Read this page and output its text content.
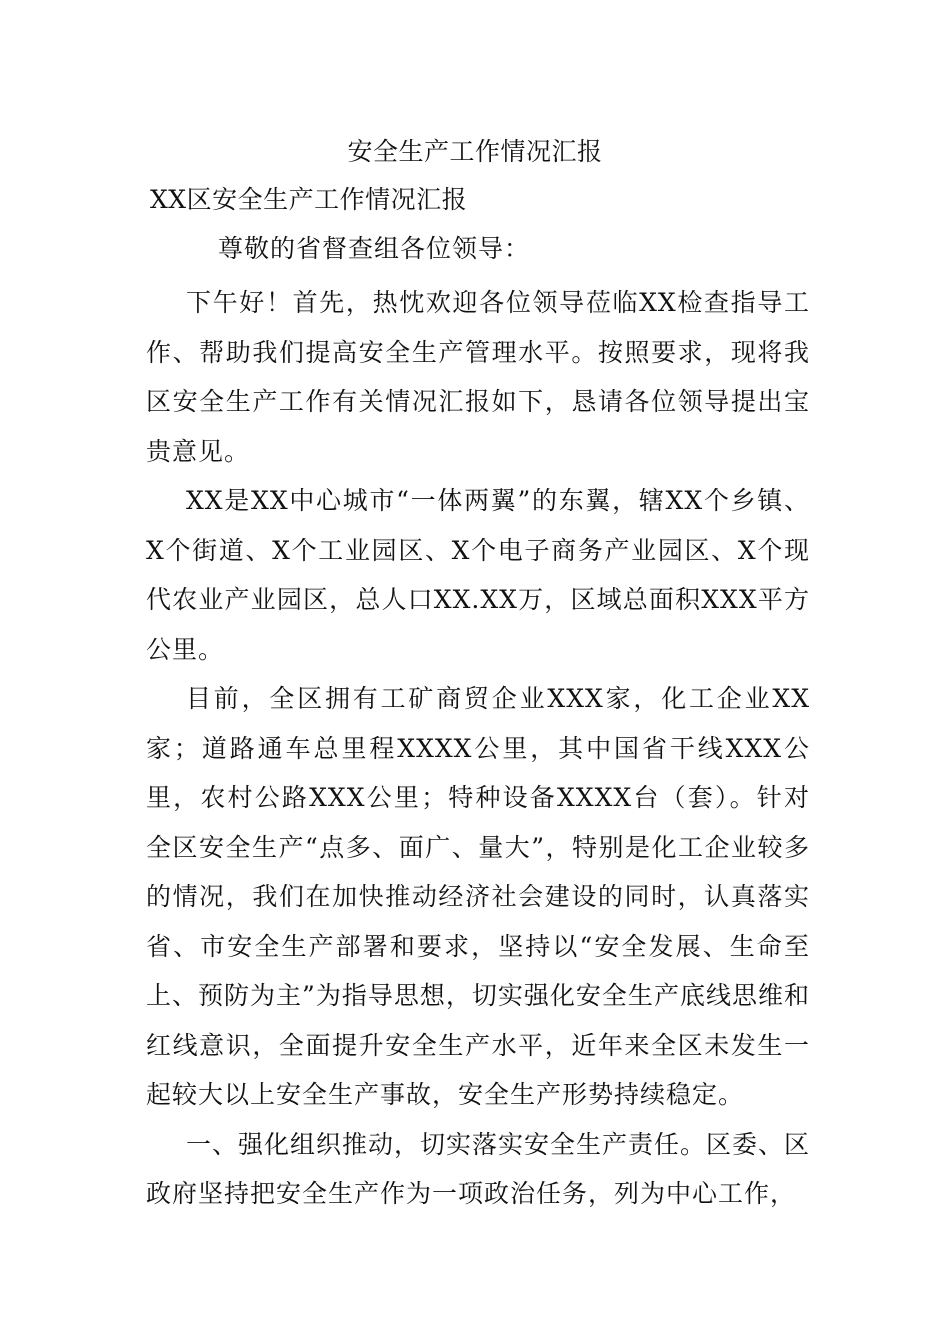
安全生产工作情况汇报
XX区安全生产工作情况汇报
尊敬的省督查组各位领导：

下午好！首先，热忱欢迎各位领导莅临XX检查指导工作、帮助我们提高安全生产管理水平。按照要求，现将我区安全生产工作有关情况汇报如下，恳请各位领导提出宝贵意见。

XX是XX中心城市“一体两翼”的东翼，辖XX个乡镇、X个街道、X个工业园区、X个电子商务产业园区、X个现代农业产业园区，总人口XX.XX万，区域总面积XXX平方公里。

目前，全区拥有工矿商贸企业XXX家，化工企业XX家；道路通车总里程XXXX公里，其中国省干线XXX公里，农村公路XXX公里；特种设备XXXX台（套）。针对全区安全生产“点多、面广、量大”，特别是化工企业较多的情况，我们在加快推动经济社会建设的同时，认真落实省、市安全生产部署和要求，坚持以“安全发展、生命至上、预防为主”为指导思想，切实强化安全生产底线思维和红线意识，全面提升安全生产水平，近年来全区未发生一起较大以上安全生产事故，安全生产形势持续稳定。

一、强化组织推动，切实落实安全生产责任。区委、区政府坚持把安全生产作为一项政治任务，列为中心工作，
